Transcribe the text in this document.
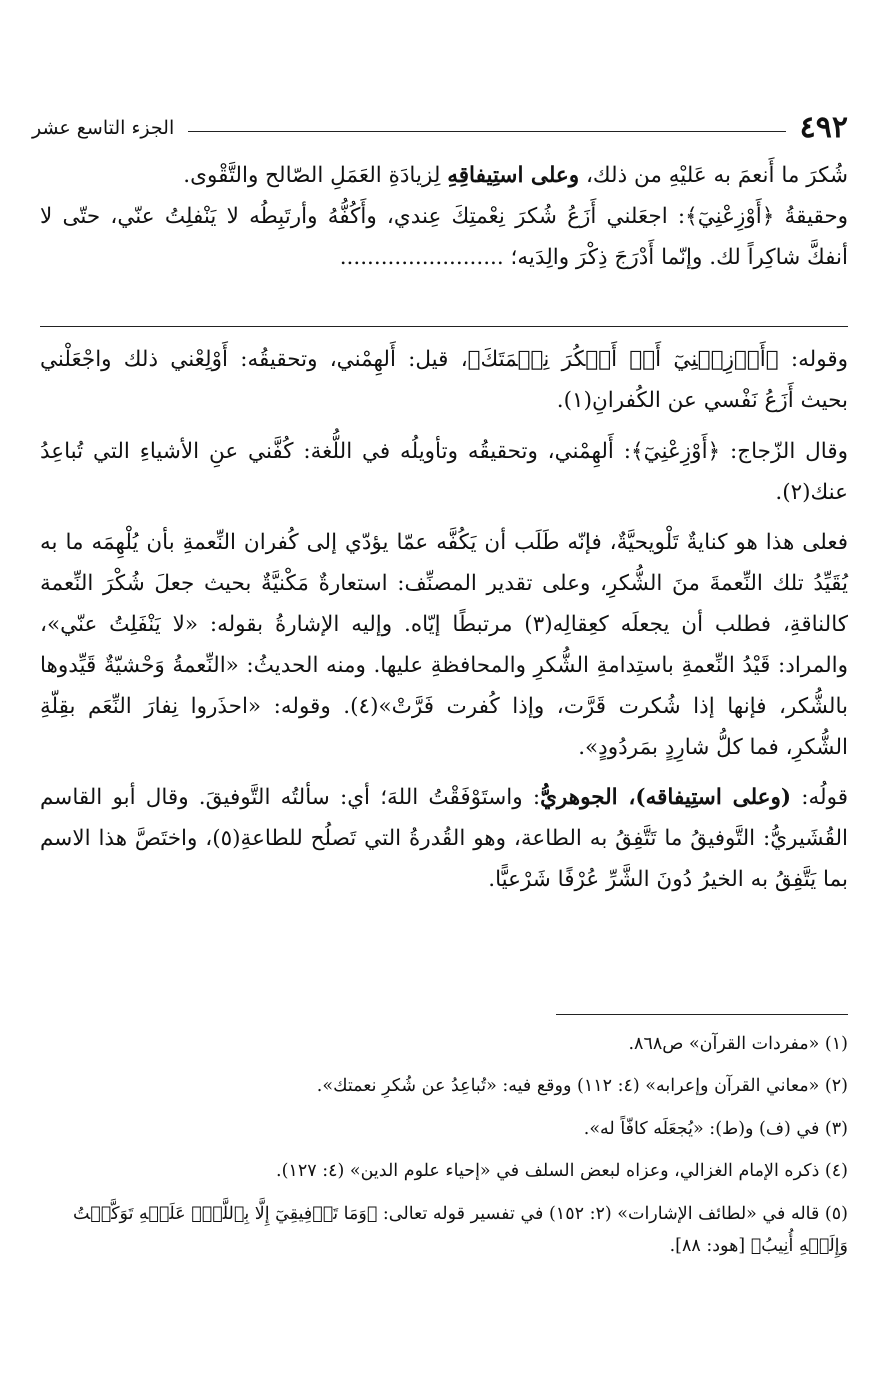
٤٩٢
الجزء التاسع عشر

شُكرَ ما أَنعمَ به عَليْهِ من ذلك، وعلى استِيفاقِهِ لِزيادَةِ العَمَلِ الصّالح والتَّقْوى.

وحقيقةُ ﴿أَوْزِعْنِيٓ﴾: اجعَلني أَزَعُ شُكرَ نِعْمتِكَ عِندي، وأَكُفُّهُ وأرتَبِطُه لا يَنْفلِتُ عنّي، حتّى لا أنفكَّ شاكِراً لك. وإنّما أَدْرَجَ ذِكْرَ والِدَيه؛ ........................

وقوله: ﴿أَوۡزِعۡنِيٓ أَنۡ أَشۡكُرَ نِعۡمَتَكَ﴾، قيل: أَلهِمْني، وتحقيقُه: أَوْلِعْني ذلك واجْعَلْني بحيث أَزَعُ نَفْسي عن الكُفرانِ(١).

وقال الزّجاج: ﴿أَوْزِعْنِيٓ﴾: أَلهِمْني، وتحقيقُه وتأويلُه في اللُّغة: كُفَّني عنِ الأشياءِ التي تُباعِدُ عنك(٢).

فعلى هذا هو كنايةٌ تَلْويحيَّةٌ، فإنّه طَلَب أن يَكُفَّه عمّا يؤدّي إلى كُفران النِّعمةِ بأن يُلْهِمَه ما به يُقَيِّدُ تلك النِّعمةَ منَ الشُّكرِ، وعلى تقدير المصنِّف: استعارةٌ مَكْنيَّةٌ بحيث جعلَ شُكْرَ النِّعمة كالناقةِ، فطلب أن يجعلَه كعِقالِه(٣) مرتبطًا إيّاه. وإليه الإشارةُ بقوله: «لا يَنْفَلِتُ عنّي»، والمراد: قَيْدُ النِّعمةِ باستِدامةِ الشُّكرِ والمحافظةِ عليها. ومنه الحديثُ: «النِّعمةُ وَحْشيّةٌ قَيِّدوها بالشُّكر، فإنها إذا شُكرت قَرَّت، وإذا كُفرت فَرَّتْ»(٤). وقوله: «احذَروا نِفارَ النِّعَم بقِلّةِ الشُّكرِ، فما كلُّ شارِدٍ بمَردُودٍ».

قولُه: (وعلى استِيفاقه)، الجوهريُّ: واستَوْفَقْتُ اللهَ؛ أي: سألتُه التَّوفيقَ. وقال أبو القاسم القُشَيريُّ: التَّوفيقُ ما تَتَّفِقُ به الطاعة، وهو القُدرةُ التي تَصلُح للطاعةِ(٥)، واختَصَّ هذا الاسم بما يَتَّفِقُ به الخيرُ دُونَ الشَّرِّ عُرْفًا شَرْعيًّا.

(١) «مفردات القرآن» ص٨٦٨.

(٢) «معاني القرآن وإعرابه» (٤: ١١٢) ووقع فيه: «تُباعِدُ عن شُكرِ نعمتك».

(٣) في (ف) و(ط): «يُجعَلَه كافّاً له».

(٤) ذكره الإمام الغزالي، وعزاه لبعض السلف في «إحياء علوم الدين» (٤: ١٢٧).

(٥) قاله في «لطائف الإشارات» (٢: ١٥٢) في تفسير قوله تعالى: ﴿وَمَا تَوۡفِيقِيٓ إِلَّا بِٱللَّهِۚ عَلَيۡهِ تَوَكَّلۡتُ وَإِلَيۡهِ أُنِيبُ﴾ [هود: ٨٨].
